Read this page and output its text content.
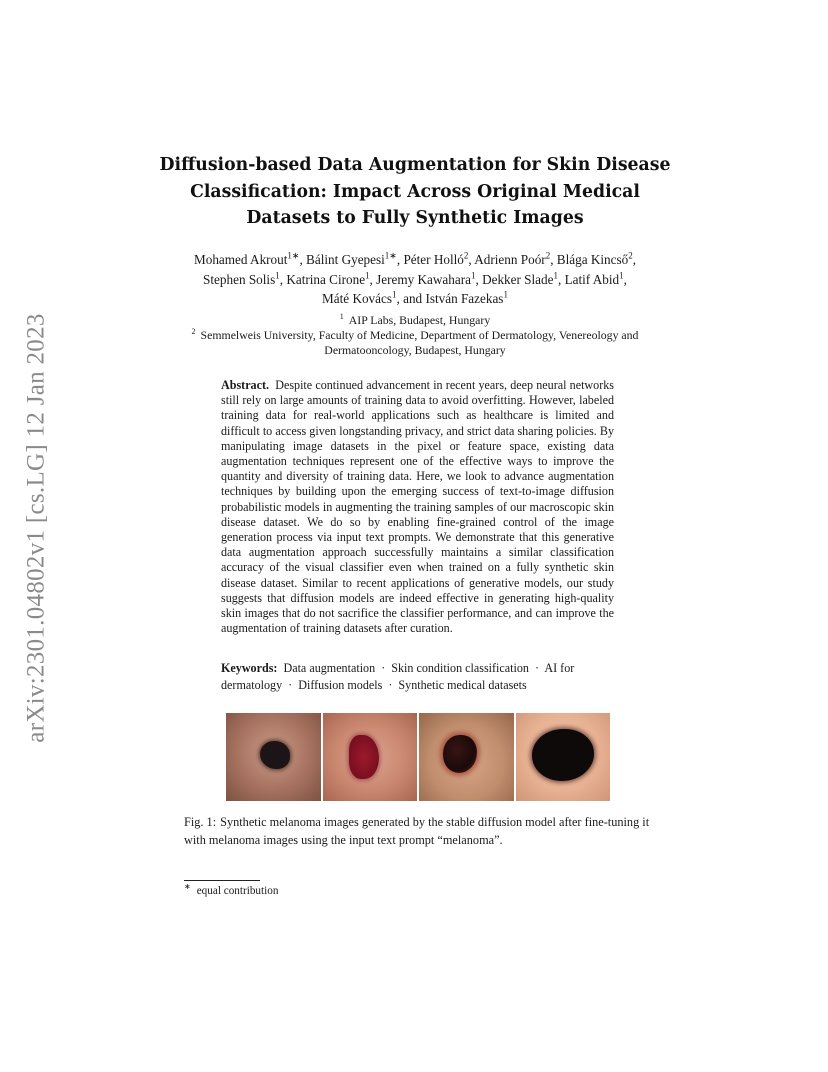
arXiv:2301.04802v1 [cs.LG] 12 Jan 2023
Diffusion-based Data Augmentation for Skin Disease Classification: Impact Across Original Medical Datasets to Fully Synthetic Images

Mohamed Akrout$^{1∗}$, Bálint Gyepesi$^{1∗}$, Péter Holló$^2$, Adrienn Poór$^2$, Blága Kincső$^2$, Stephen Solis$^1$, Katrina Cirone$^1$, Jeremy Kawahara$^1$, Dekker Slade$^1$, Latif Abid$^1$, Máté Kovács$^1$, and István Fazekas$^1$

$^1$ AIP Labs, Budapest, Hungary
$^2$ Semmelweis University, Faculty of Medicine, Department of Dermatology, Venereology and Dermatooncology, Budapest, Hungary

Abstract. Despite continued advancement in recent years, deep neural networks still rely on large amounts of training data to avoid overfitting. However, labeled training data for real-world applications such as healthcare is limited and difficult to access given longstanding privacy, and strict data sharing policies. By manipulating image datasets in the pixel or feature space, existing data augmentation techniques represent one of the effective ways to improve the quantity and diversity of training data. Here, we look to advance augmentation techniques by building upon the emerging success of text-to-image diffusion probabilistic models in augmenting the training samples of our macroscopic skin disease dataset. We do so by enabling fine-grained control of the image generation process via input text prompts. We demonstrate that this generative data augmentation approach successfully maintains a similar classification accuracy of the visual classifier even when trained on a fully synthetic skin disease dataset. Similar to recent applications of generative models, our study suggests that diffusion models are indeed effective in generating high-quality skin images that do not sacrifice the classifier performance, and can improve the augmentation of training datasets after curation.

Keywords: Data augmentation · Skin condition classification · AI for dermatology · Diffusion models · Synthetic medical datasets

Fig. 1: Synthetic melanoma images generated by the stable diffusion model after fine-tuning it with melanoma images using the input text prompt “melanoma”.

∗ equal contribution
